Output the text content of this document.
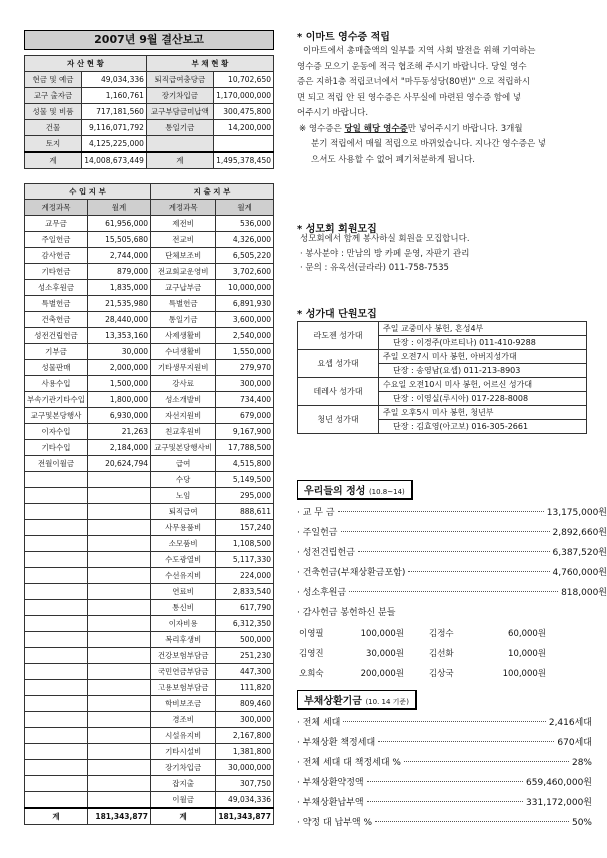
2007년 9월 결산보고
자 산 현 황		부 채 현 황	
현금 및 예금	49,034,336	퇴직급여충당금	10,702,650
교구 출자금	1,160,761	장기차입금	1,170,000,000
성물 및 비품	717,181,560	교구부담금미납액	300,475,800
건물	9,116,071,792	통일기금	14,200,000
토지	4,125,225,000		
계	14,008,673,449	계	1,495,378,450
수 입 지 부		지 출 지 부	
계정과목	월계	계정과목	월계
교무금	61,956,000	제전비	536,000
주일헌금	15,505,680	전교비	4,326,000
감사헌금	2,744,000	단체보조비	6,505,220
기타헌금	879,000	전교회교운영비	3,702,600
성소후원금	1,835,000	교구납부금	10,000,000
특별헌금	21,535,980	특별헌금	6,891,930
건축헌금	28,440,000	통일기금	3,600,000
성전건립헌금	13,353,160	사제생활비	2,540,000
기부금	30,000	수녀생활비	1,550,000
성물판매	2,000,000	기타생무지원비	279,970
사용수입	1,500,000	강사료	300,000
부속기관기타수입	1,800,000	성소개발비	734,400
교구및본당행사	6,930,000	자선지원비	679,000
이자수입	21,263	친교후원비	9,167,900
기타수입	2,184,000	교구및본당행사비	17,788,500
전월이월금	20,624,794	급여	4,515,800
		수당	5,149,500
		노임	295,000
		퇴직급여	888,611
		사무용품비	157,240
		소모품비	1,108,500
		수도광열비	5,117,330
		수선유지비	224,000
		연료비	2,833,540
		통신비	617,790
		이자비용	6,312,350
		복리후생비	500,000
		건강보험부담금	251,230
		국민연금부담금	447,300
		고용보험부담금	111,820
		학비보조금	809,460
		경조비	300,000
		시설유지비	2,167,800
		기타시설비	1,381,800
		장기차입금	30,000,000
		잡지출	307,750
		이월금	49,034,336
계	181,343,877	계	181,343,877
* 이마트 영수증 적립
이마트에서 총매출액의 일부를 지역 사회 발전을 위해 기여하는
영수증 모으기 운동에 적극 협조해 주시기 바랍니다. 당일 영수
증은 지하1층 적립코너에서 "마두동성당(80번)" 으로 적립하시
면 되고 적립 안 된 영수증은 사무실에 마련된 영수증 함에 넣
어주시기 바랍니다.
※ 영수증은 당일 해당 영수증만 넣어주시기 바랍니다. 3개월
분기 적립에서 매월 적립으로 바뀌었습니다. 지나간 영수증은 넣
으셔도 사용할 수 없어 폐기처분하게 됩니다.
* 성모회 회원모집
성모회에서 함께 봉사하실 회원을 모집합니다.
· 봉사분야 : 만남의 방 카페 운영, 자판기 관리
· 문의 : 유옥선(글라라) 011-758-7535
* 성가대 단원모집
라도젠 성가대	주일 교중미사 봉헌, 혼성4부
	단장 : 이경주(마르티나) 011-410-9288
요셉 성가대	주일 오전7시 미사 봉헌, 아버지성가대
	단장 : 송영남(요셉) 011-213-8903
데레사 성가대	수요일 오전10시 미사 봉헌, 어르신 성가대
	단장 : 이영실(루시아) 017-228-8008
청년 성가대	주일 오후5시 미사 봉헌, 청년부
	단장 : 김효영(아고보) 016-305-2661
우리들의 정성 (10.8~14)
· 교 무 금	13,175,000원
· 주일헌금	2,892,660원
· 성전건립헌금	6,387,520원
· 건축헌금(부채상환금포함)	4,760,000원
· 성소후원금	818,000원
· 감사헌금 봉헌하신 분들
이영필	100,000원	김정수	60,000원
김영진	30,000원	김선화	10,000원
오희숙	200,000원	김상국	100,000원
부채상환기금 (10. 14 기준)
· 전체 세대	2,416세대
· 부채상환 책정세대	670세대
· 전체 세대 대 책정세대 %	28%
· 부채상환약정액	659,460,000원
· 부채상환납부액	331,172,000원
· 약정 대 납부액 %	50%
